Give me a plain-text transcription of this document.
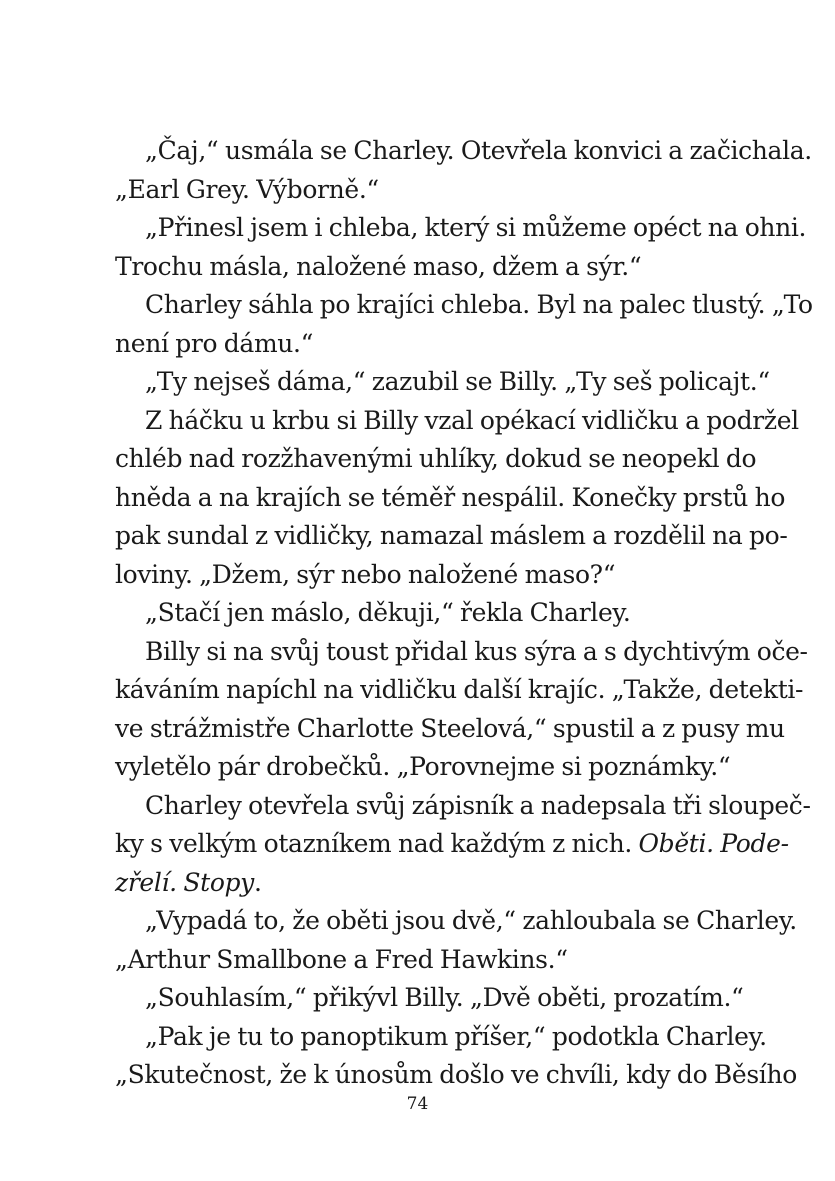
„Čaj,“ usmála se Charley. Otevřela konvici a začichala.
„Earl Grey. Výborně.“
„Přinesl jsem i chleba, který si můžeme opéct na ohni.
Trochu másla, naložené maso, džem a sýr.“
Charley sáhla po krajíci chleba. Byl na palec tlustý. „To
není pro dámu.“
„Ty nejseš dáma,“ zazubil se Billy. „Ty seš policajt.“
Z háčku u krbu si Billy vzal opékací vidličku a podržel
chléb nad rozžhavenými uhlíky, dokud se neopekl do
hněda a na krajích se téměř nespálil. Konečky prstů ho
pak sundal z vidličky, namazal máslem a rozdělil na po-
loviny. „Džem, sýr nebo naložené maso?“
„Stačí jen máslo, děkuji,“ řekla Charley.
Billy si na svůj toust přidal kus sýra a s dychtivým oče-
káváním napíchl na vidličku další krajíc. „Takže, detekti-
ve strážmistře Charlotte Steelová,“ spustil a z pusy mu
vyletělo pár drobečků. „Porovnejme si poznámky.“
Charley otevřela svůj zápisník a nadepsala tři sloupeč-
ky s velkým otazníkem nad každým z nich. Oběti. Pode-
zřelí. Stopy.
„Vypadá to, že oběti jsou dvě,“ zahloubala se Charley.
„Arthur Smallbone a Fred Hawkins.“
„Souhlasím,“ přikývl Billy. „Dvě oběti, prozatím.“
„Pak je tu to panoptikum příšer,“ podotkla Charley.
„Skutečnost, že k únosům došlo ve chvíli, kdy do Běsího
74
